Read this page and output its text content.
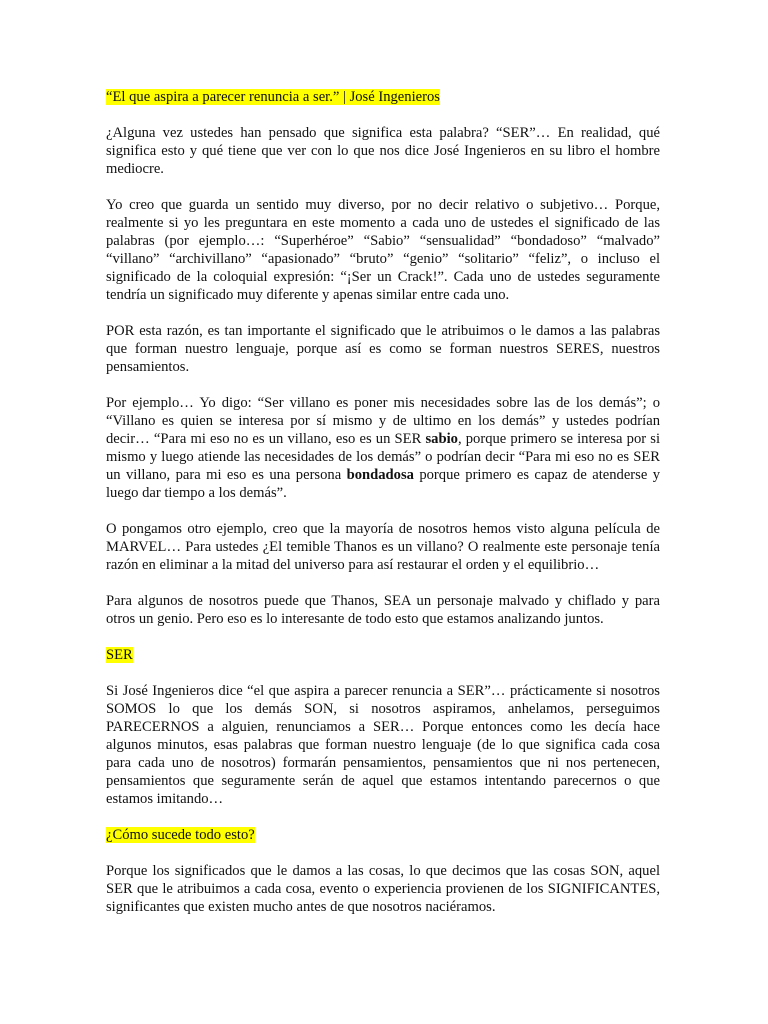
“El que aspira a parecer renuncia a ser.” | José Ingenieros

¿Alguna vez ustedes han pensado que significa esta palabra? “SER”… En realidad, qué significa esto y qué tiene que ver con lo que nos dice José Ingenieros en su libro el hombre mediocre.

Yo creo que guarda un sentido muy diverso, por no decir relativo o subjetivo… Porque, realmente si yo les preguntara en este momento a cada uno de ustedes el significado de las palabras (por ejemplo…: “Superhéroe” “Sabio” “sensualidad” “bondadoso” “malvado” “villano” “archivillano” “apasionado” “bruto” “genio” “solitario” “feliz”, o incluso el significado de la coloquial expresión: “¡Ser un Crack!”. Cada uno de ustedes seguramente tendría un significado muy diferente y apenas similar entre cada uno.

POR esta razón, es tan importante el significado que le atribuimos o le damos a las palabras que forman nuestro lenguaje, porque así es como se forman nuestros SERES, nuestros pensamientos.

Por ejemplo… Yo digo: “Ser villano es poner mis necesidades sobre las de los demás”; o “Villano es quien se interesa por sí mismo y de ultimo en los demás” y ustedes podrían decir… “Para mi eso no es un villano, eso es un SER sabio, porque primero se interesa por si mismo y luego atiende las necesidades de los demás” o podrían decir “Para mi eso no es SER un villano, para mi eso es una persona bondadosa porque primero es capaz de atenderse y luego dar tiempo a los demás”.

O pongamos otro ejemplo, creo que la mayoría de nosotros hemos visto alguna película de MARVEL… Para ustedes ¿El temible Thanos es un villano? O realmente este personaje tenía razón en eliminar a la mitad del universo para así restaurar el orden y el equilibrio…

Para algunos de nosotros puede que Thanos, SEA un personaje malvado y chiflado y para otros un genio. Pero eso es lo interesante de todo esto que estamos analizando juntos.

SER

Si José Ingenieros dice “el que aspira a parecer renuncia a SER”… prácticamente si nosotros SOMOS lo que los demás SON, si nosotros aspiramos, anhelamos, perseguimos PARECERNOS a alguien, renunciamos a SER… Porque entonces como les decía hace algunos minutos, esas palabras que forman nuestro lenguaje (de lo que significa cada cosa para cada uno de nosotros) formarán pensamientos, pensamientos que ni nos pertenecen, pensamientos que seguramente serán de aquel que estamos intentando parecernos o que estamos imitando…

¿Cómo sucede todo esto?

Porque los significados que le damos a las cosas, lo que decimos que las cosas SON, aquel SER que le atribuimos a cada cosa, evento o experiencia provienen de los SIGNIFICANTES, significantes que existen mucho antes de que nosotros naciéramos.
